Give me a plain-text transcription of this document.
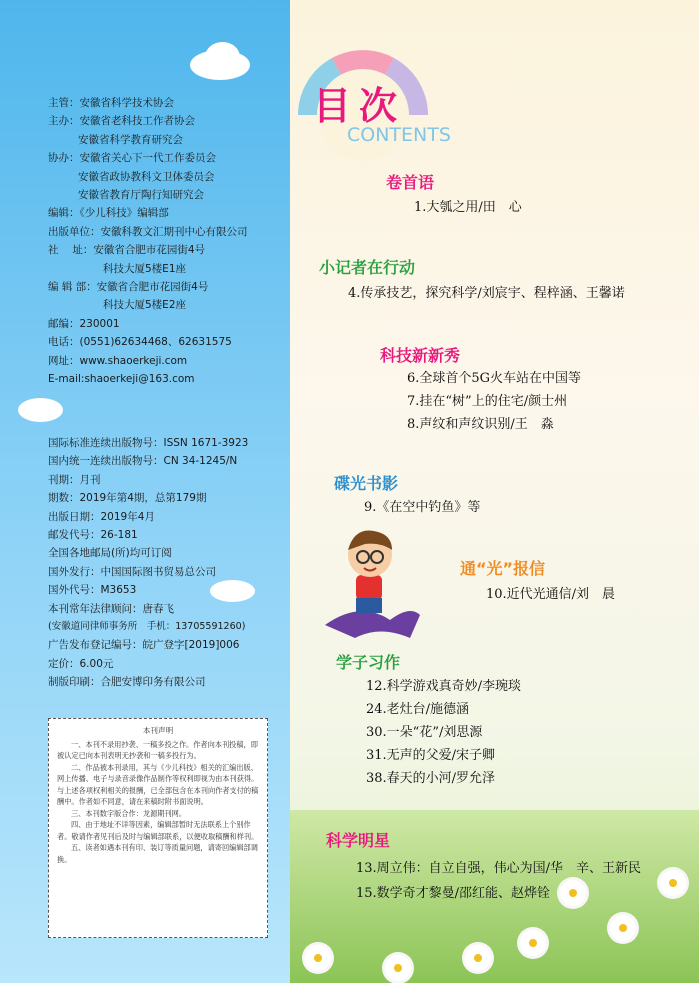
主管：安徽省科学技术协会
主办：安徽省老科技工作者协会
安徽省科学教育研究会
协办：安徽省关心下一代工作委员会
安徽省政协教科文卫体委员会
安徽省教育厅陶行知研究会
编辑：《少儿科技》编辑部
出版单位：安徽科教文汇期刊中心有限公司
社　 址：安徽省合肥市花园街4号
科技大厦5楼E1座
编 辑 部：安徽省合肥市花园街4号
科技大厦5楼E2座
邮编：230001
电话：(0551)62634468、62631575
网址：www.shaoerkeji.com
E-mail:shaoerkeji@163.com
国际标准连续出版物号：ISSN 1671-3923
国内统一连续出版物号：CN 34-1245/N
刊期：月刊
期数：2019年第4期，总第179期
出版日期：2019年4月
邮发代号：26-181
全国各地邮局(所)均可订阅
国外发行：中国国际图书贸易总公司
国外代号：M3653
本刊常年法律顾问：唐春飞
(安徽道同律师事务所　手机：13705591260)
广告发布登记编号：皖广登字[2019]006
定价：6.00元
制版印刷：合肥安博印务有限公司
本刊声明

一、本刊不录用抄袭、一稿多投之作。作者向本刊投稿，即被认定已向本刊表明无抄袭和一稿多投行为。

二、作品被本刊录用，其与《少儿科技》相关的汇编出版、网上传播、电子与录音录像作品制作等权利即视为由本刊获得。与上述各项权利相关的报酬，已全部包含在本刊向作者支付的稿酬中。作者如不同意，请在来稿时附书面说明。

三、本刊数字版合作：龙源期刊网。

四、由于地址不详等因素，编辑部暂时无法联系上个别作者。敬请作者见刊后及时与编辑部联系，以便收取稿酬和样刊。

五、读者如遇本刊有印、装订等质量问题，请寄回编辑部调换。

目次
CONTENTS
卷首语
1.大瓠之用/田　心
小记者在行动
4.传承技艺，探究科学/刘宸宇、程梓涵、王馨诺
科技新新秀
6.全球首个5G火车站在中国等
7.挂在“树”上的住宅/颜士州
8.声纹和声纹识别/王　淼
碟光书影
9.《在空中钓鱼》等
通“光”报信
10.近代光通信/刘　晨
学子习作
12.科学游戏真奇妙/李琬琰
24.老灶台/施德涵
30.一朵“花”/刘思源
31.无声的父爱/宋子卿
38.春天的小河/罗允泽
科学明星
13.周立伟：自立自强，伟心为国/华　辛、王新民
15.数学奇才黎曼/邵红能、赵烨铨
